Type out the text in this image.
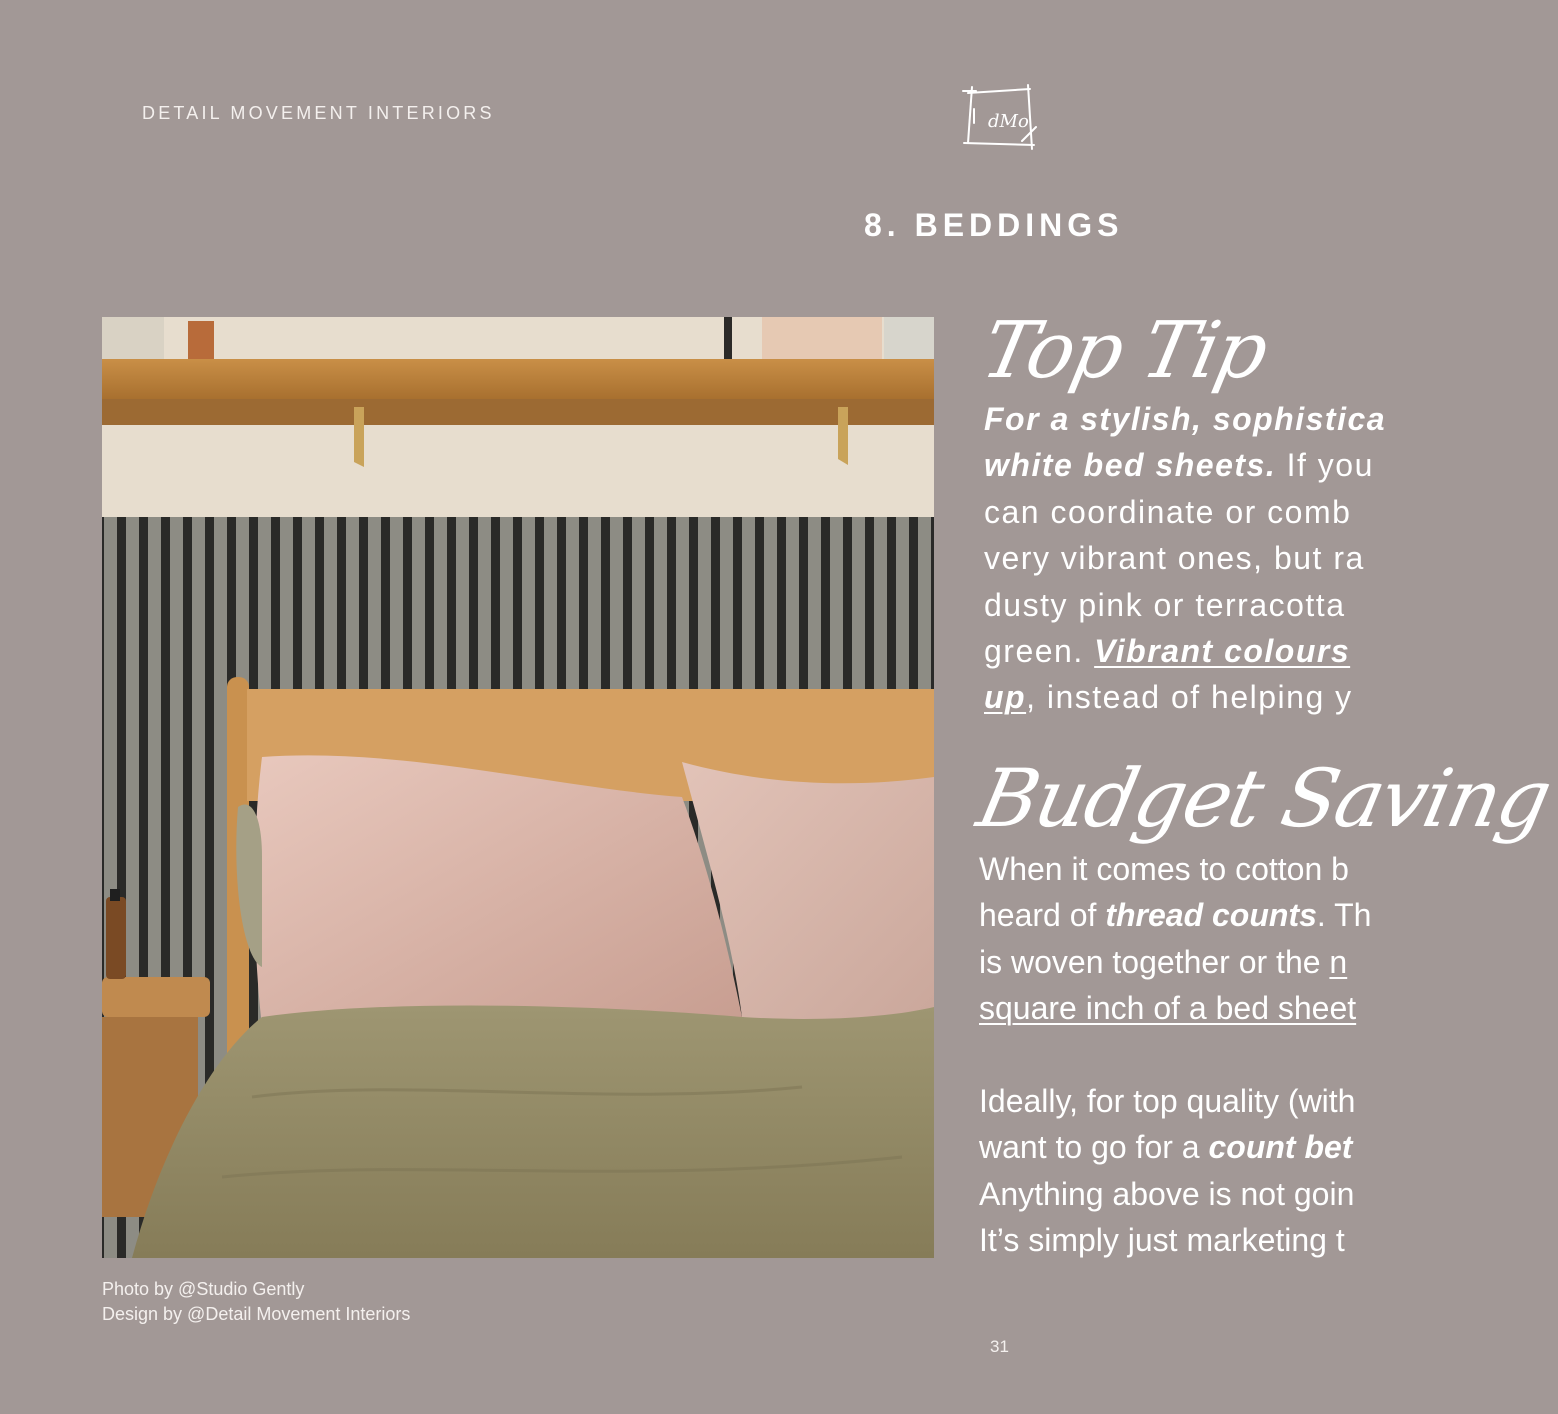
DETAIL MOVEMENT INTERIORS	dMo
8. BEDDINGS
Photo by @Studio Gently
Design by @Detail Movement Interiors
Top Tip
For a stylish, sophistica
white bed sheets. If you
can coordinate or comb
very vibrant ones, but ra
dusty pink or terracotta
green. Vibrant colours
up, instead of helping y
Budget Saving
When it comes to cotton b
heard of thread counts. Th
is woven together or the n
square inch of a bed sheet
Ideally, for top quality (with
want to go for a count bet
Anything above is not goin
It’s simply just marketing t
31
